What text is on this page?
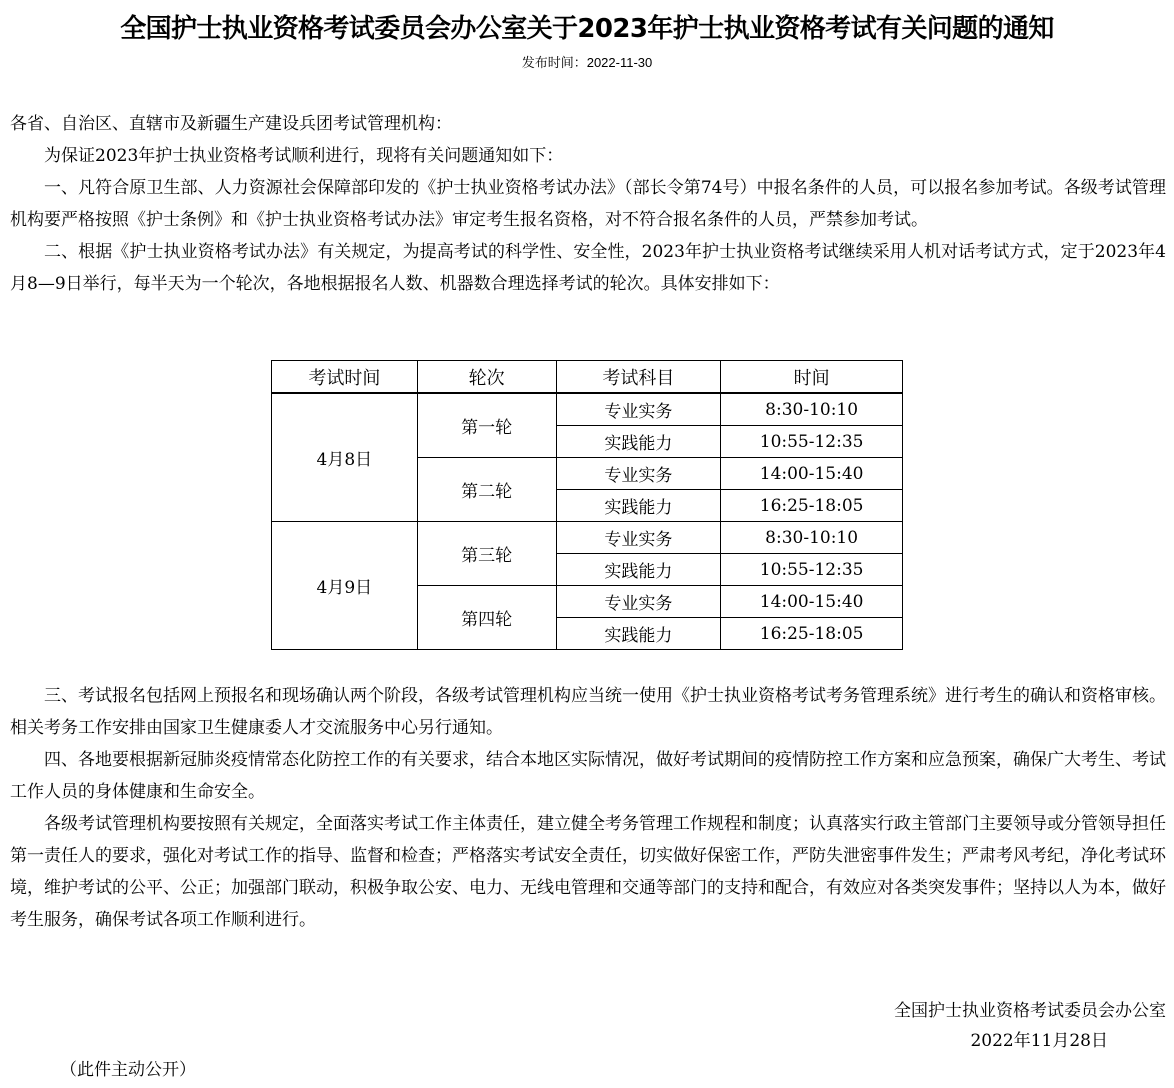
全国护士执业资格考试委员会办公室关于2023年护士执业资格考试有关问题的通知
发布时间：2022-11-30

各省、自治区、直辖市及新疆生产建设兵团考试管理机构：

为保证2023年护士执业资格考试顺利进行，现将有关问题通知如下：

一、凡符合原卫生部、人力资源社会保障部印发的《护士执业资格考试办法》（部长令第74号）中报名条件的人员，可以报名参加考试。各级考试管理机构要严格按照《护士条例》和《护士执业资格考试办法》审定考生报名资格，对不符合报名条件的人员，严禁参加考试。

二、根据《护士执业资格考试办法》有关规定，为提高考试的科学性、安全性，2023年护士执业资格考试继续采用人机对话考试方式，定于2023年4月8—9日举行，每半天为一个轮次，各地根据报名人数、机器数合理选择考试的轮次。具体安排如下：

考试时间	轮次	考试科目	时间
4月8日	第一轮	专业实务	8:30-10:10
		实践能力	10:55-12:35
	第二轮	专业实务	14:00-15:40
		实践能力	16:25-18:05
4月9日	第三轮	专业实务	8:30-10:10
		实践能力	10:55-12:35
	第四轮	专业实务	14:00-15:40
		实践能力	16:25-18:05

三、考试报名包括网上预报名和现场确认两个阶段，各级考试管理机构应当统一使用《护士执业资格考试考务管理系统》进行考生的确认和资格审核。相关考务工作安排由国家卫生健康委人才交流服务中心另行通知。

四、各地要根据新冠肺炎疫情常态化防控工作的有关要求，结合本地区实际情况，做好考试期间的疫情防控工作方案和应急预案，确保广大考生、考试工作人员的身体健康和生命安全。

各级考试管理机构要按照有关规定，全面落实考试工作主体责任，建立健全考务管理工作规程和制度；认真落实行政主管部门主要领导或分管领导担任第一责任人的要求，强化对考试工作的指导、监督和检查；严格落实考试安全责任，切实做好保密工作，严防失泄密事件发生；严肃考风考纪，净化考试环境，维护考试的公平、公正；加强部门联动，积极争取公安、电力、无线电管理和交通等部门的支持和配合，有效应对各类突发事件；坚持以人为本，做好考生服务，确保考试各项工作顺利进行。

全国护士执业资格考试委员会办公室
2022年11月28日
（此件主动公开）
